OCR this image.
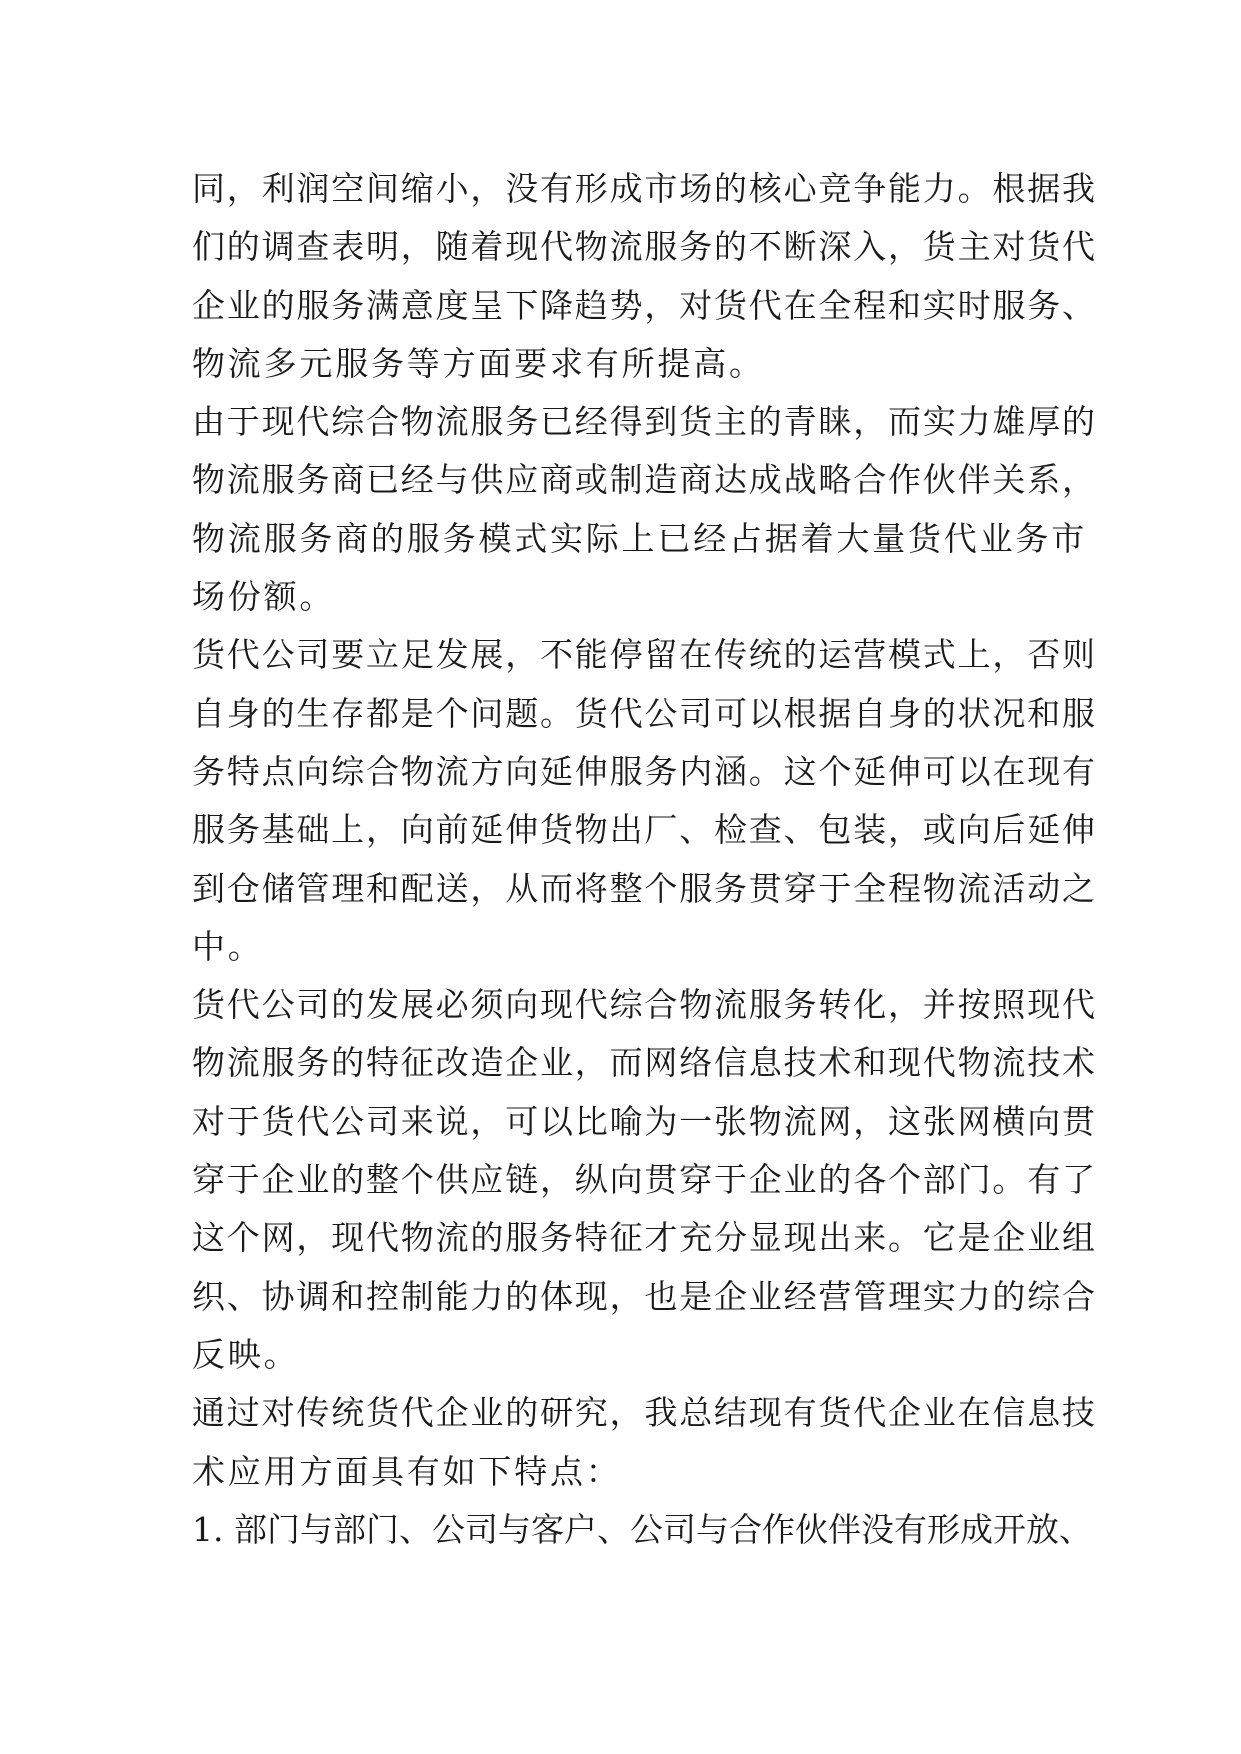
同，利润空间缩小，没有形成市场的核心竞争能力。根据我
们的调查表明，随着现代物流服务的不断深入，货主对货代
企业的服务满意度呈下降趋势，对货代在全程和实时服务、
物流多元服务等方面要求有所提高。
由于现代综合物流服务已经得到货主的青睐，而实力雄厚的
物流服务商已经与供应商或制造商达成战略合作伙伴关系，
物流服务商的服务模式实际上已经占据着大量货代业务市
场份额。
货代公司要立足发展，不能停留在传统的运营模式上，否则
自身的生存都是个问题。货代公司可以根据自身的状况和服
务特点向综合物流方向延伸服务内涵。这个延伸可以在现有
服务基础上，向前延伸货物出厂、检查、包装，或向后延伸
到仓储管理和配送，从而将整个服务贯穿于全程物流活动之
中。
货代公司的发展必须向现代综合物流服务转化，并按照现代
物流服务的特征改造企业，而网络信息技术和现代物流技术
对于货代公司来说，可以比喻为一张物流网，这张网横向贯
穿于企业的整个供应链，纵向贯穿于企业的各个部门。有了
这个网，现代物流的服务特征才充分显现出来。它是企业组
织、协调和控制能力的体现，也是企业经营管理实力的综合
反映。
通过对传统货代企业的研究，我总结现有货代企业在信息技
术应用方面具有如下特点：
1. 部门与部门、公司与客户、公司与合作伙伴没有形成开放、
